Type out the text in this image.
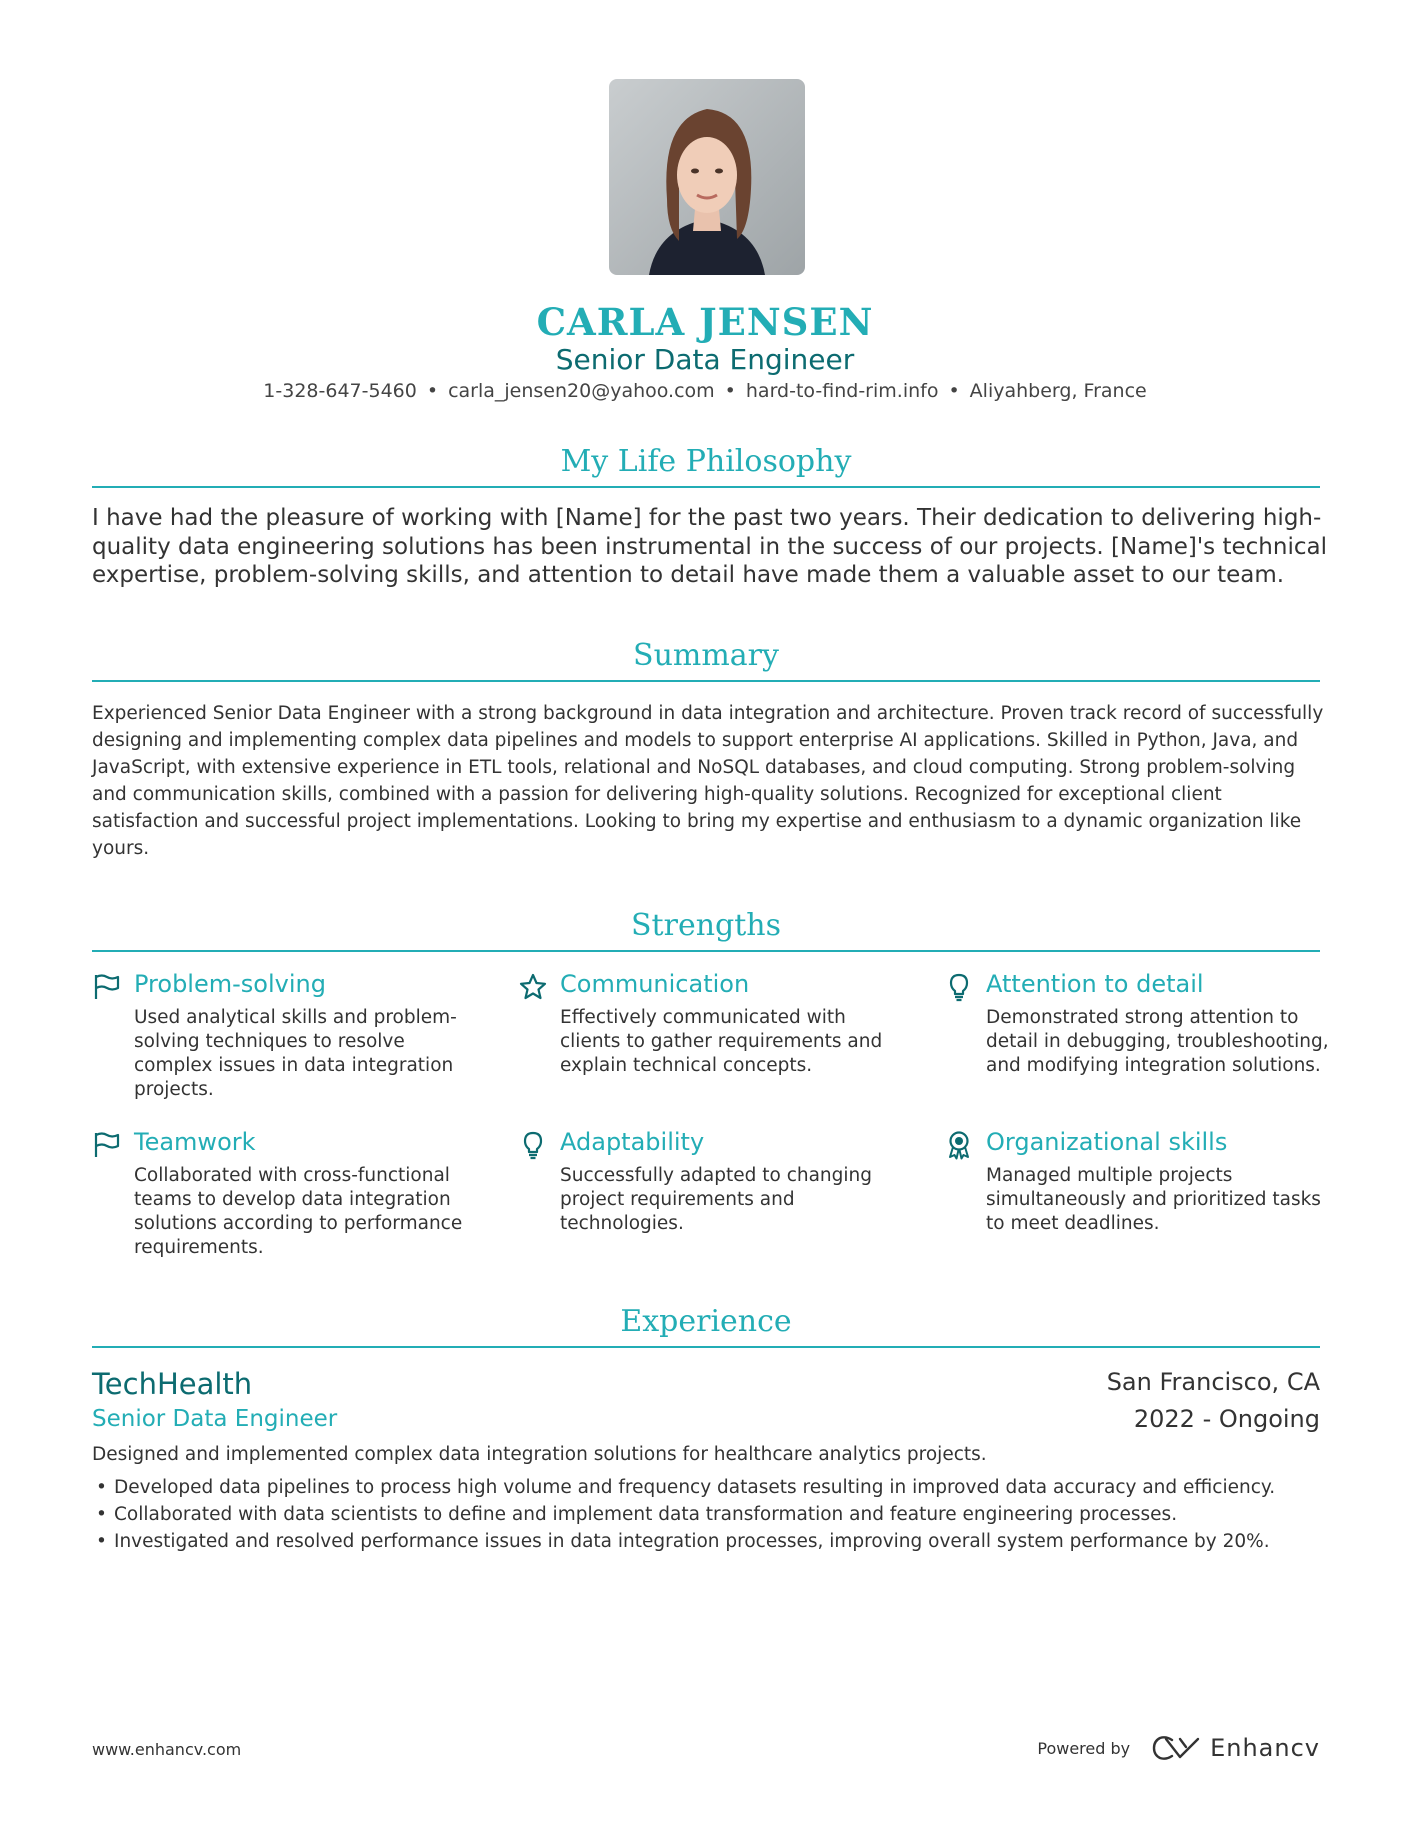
CARLA JENSEN
Senior Data Engineer
1-328-647-5460 • carla_jensen20@yahoo.com • hard-to-find-rim.info • Aliyahberg, France
My Life Philosophy
I have had the pleasure of working with [Name] for the past two years. Their dedication to delivering high-quality data engineering solutions has been instrumental in the success of our projects. [Name]'s technical expertise, problem-solving skills, and attention to detail have made them a valuable asset to our team.
Summary
Experienced Senior Data Engineer with a strong background in data integration and architecture. Proven track record of successfully designing and implementing complex data pipelines and models to support enterprise AI applications. Skilled in Python, Java, and JavaScript, with extensive experience in ETL tools, relational and NoSQL databases, and cloud computing. Strong problem-solving and communication skills, combined with a passion for delivering high-quality solutions. Recognized for exceptional client satisfaction and successful project implementations. Looking to bring my expertise and enthusiasm to a dynamic organization like yours.
Strengths
Problem-solving
Used analytical skills and problem-solving techniques to resolve complex issues in data integration projects.
Communication
Effectively communicated with clients to gather requirements and explain technical concepts.
Attention to detail
Demonstrated strong attention to detail in debugging, troubleshooting, and modifying integration solutions.
Teamwork
Collaborated with cross-functional teams to develop data integration solutions according to performance requirements.
Adaptability
Successfully adapted to changing project requirements and technologies.
Organizational skills
Managed multiple projects simultaneously and prioritized tasks to meet deadlines.
Experience
TechHealth	San Francisco, CA
Senior Data Engineer	2022 - Ongoing
Designed and implemented complex data integration solutions for healthcare analytics projects.
• Developed data pipelines to process high volume and frequency datasets resulting in improved data accuracy and efficiency.
• Collaborated with data scientists to define and implement data transformation and feature engineering processes.
• Investigated and resolved performance issues in data integration processes, improving overall system performance by 20%.
www.enhancv.com	Powered by	Enhancv
